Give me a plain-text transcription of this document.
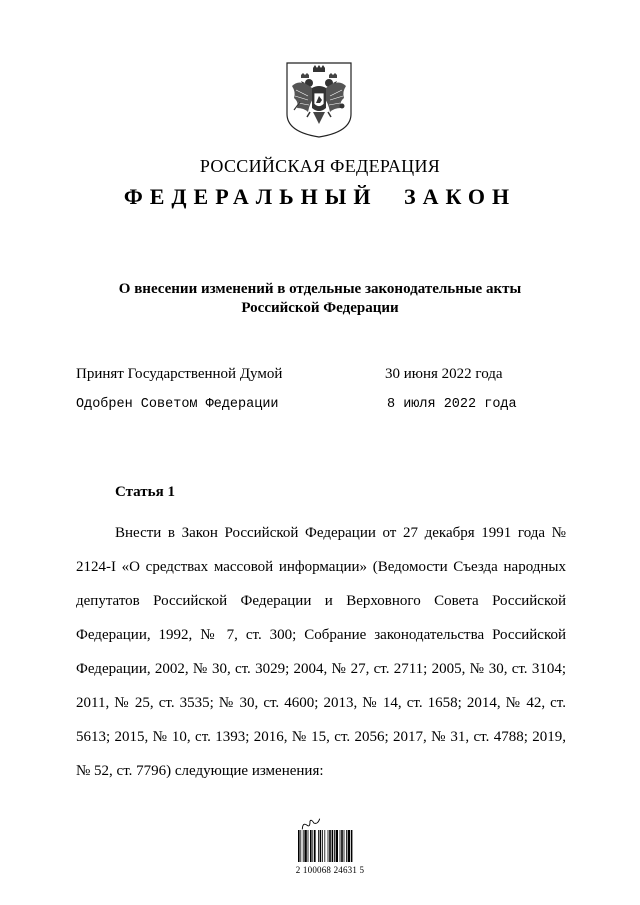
РОССИЙСКАЯ ФЕДЕРАЦИЯ
ФЕДЕРАЛЬНЫЙ ЗАКОН
О внесении изменений в отдельные законодательные акты Российской Федерации
Принят Государственной Думой	30 июня 2022 года
Одобрен Советом Федерации	8 июля 2022 года
Статья 1

Внести в Закон Российской Федерации от 27 декабря 1991 года № 2124-I «О средствах массовой информации» (Ведомости Съезда народных депутатов Российской Федерации и Верховного Совета Российской Федерации, 1992, № 7, ст. 300; Собрание законодательства Российской Федерации, 2002, № 30, ст. 3029; 2004, № 27, ст. 2711; 2005, № 30, ст. 3104; 2011, № 25, ст. 3535; № 30, ст. 4600; 2013, № 14, ст. 1658; 2014, № 42, ст. 5613; 2015, № 10, ст. 1393; 2016, № 15, ст. 2056; 2017, № 31, ст. 4788; 2019, № 52, ст. 7796) следующие изменения:

2 100068 24631 5
